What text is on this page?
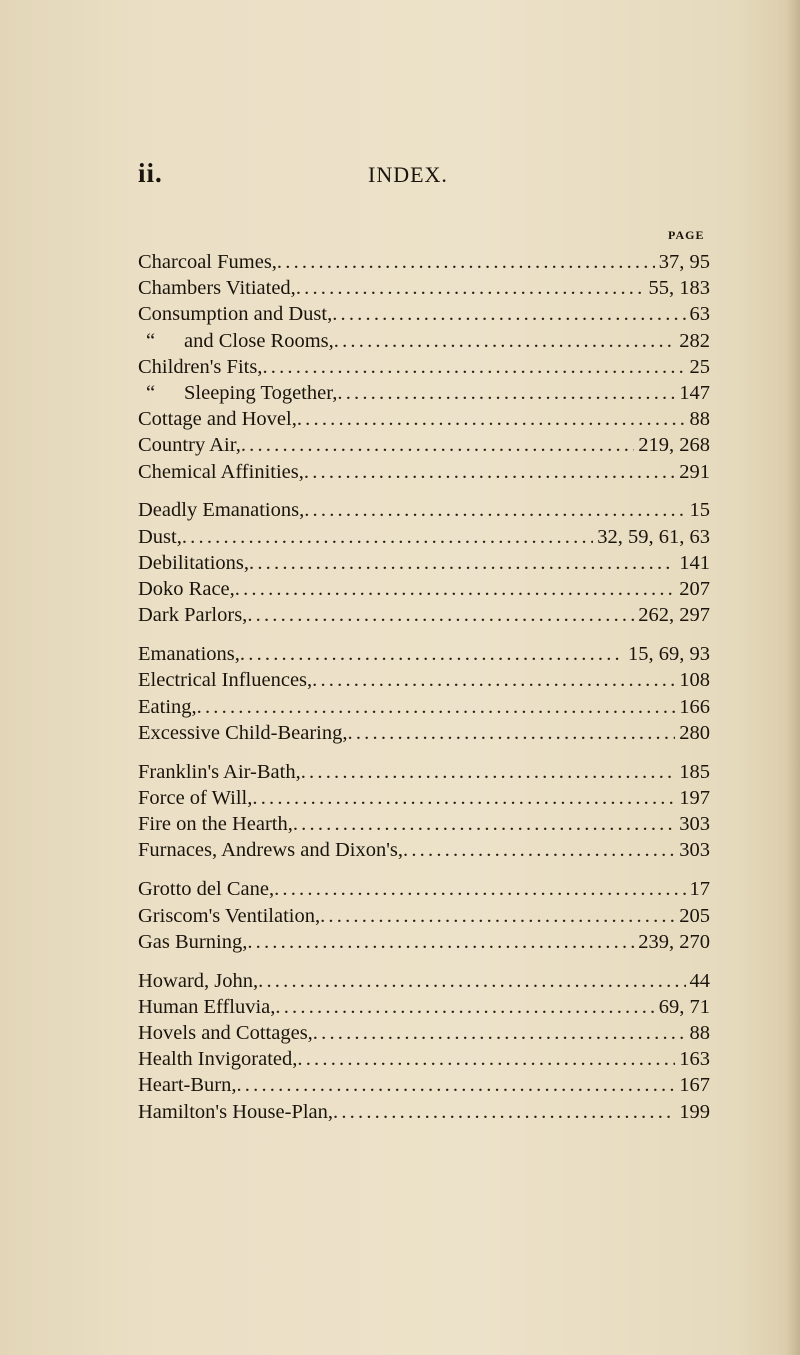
ii.	INDEX.
PAGE
Charcoal Fumes, .....	37, 95
Chambers Vitiated, .....	55, 183
Consumption and Dust, .....	63
“ and Close Rooms, .....	282
Children's Fits, .....	25
“ Sleeping Together, .....	147
Cottage and Hovel, .....	88
Country Air, .....	219, 268
Chemical Affinities, .....	291
Deadly Emanations, .....	15
Dust, .....	32, 59, 61, 63
Debilitations, .....	141
Doko Race, .....	207
Dark Parlors, .....	262, 297
Emanations, .....	15, 69, 93
Electrical Influences, .....	108
Eating, .....	166
Excessive Child-Bearing, .....	280
Franklin's Air-Bath, .....	185
Force of Will, .....	197
Fire on the Hearth, .....	303
Furnaces, Andrews and Dixon's, .....	303
Grotto del Cane, .....	17
Griscom's Ventilation, .....	205
Gas Burning, .....	239, 270
Howard, John, .....	44
Human Effluvia, .....	69, 71
Hovels and Cottages, .....	88
Health Invigorated, .....	163
Heart-Burn, .....	167
Hamilton's House-Plan, .....	199
